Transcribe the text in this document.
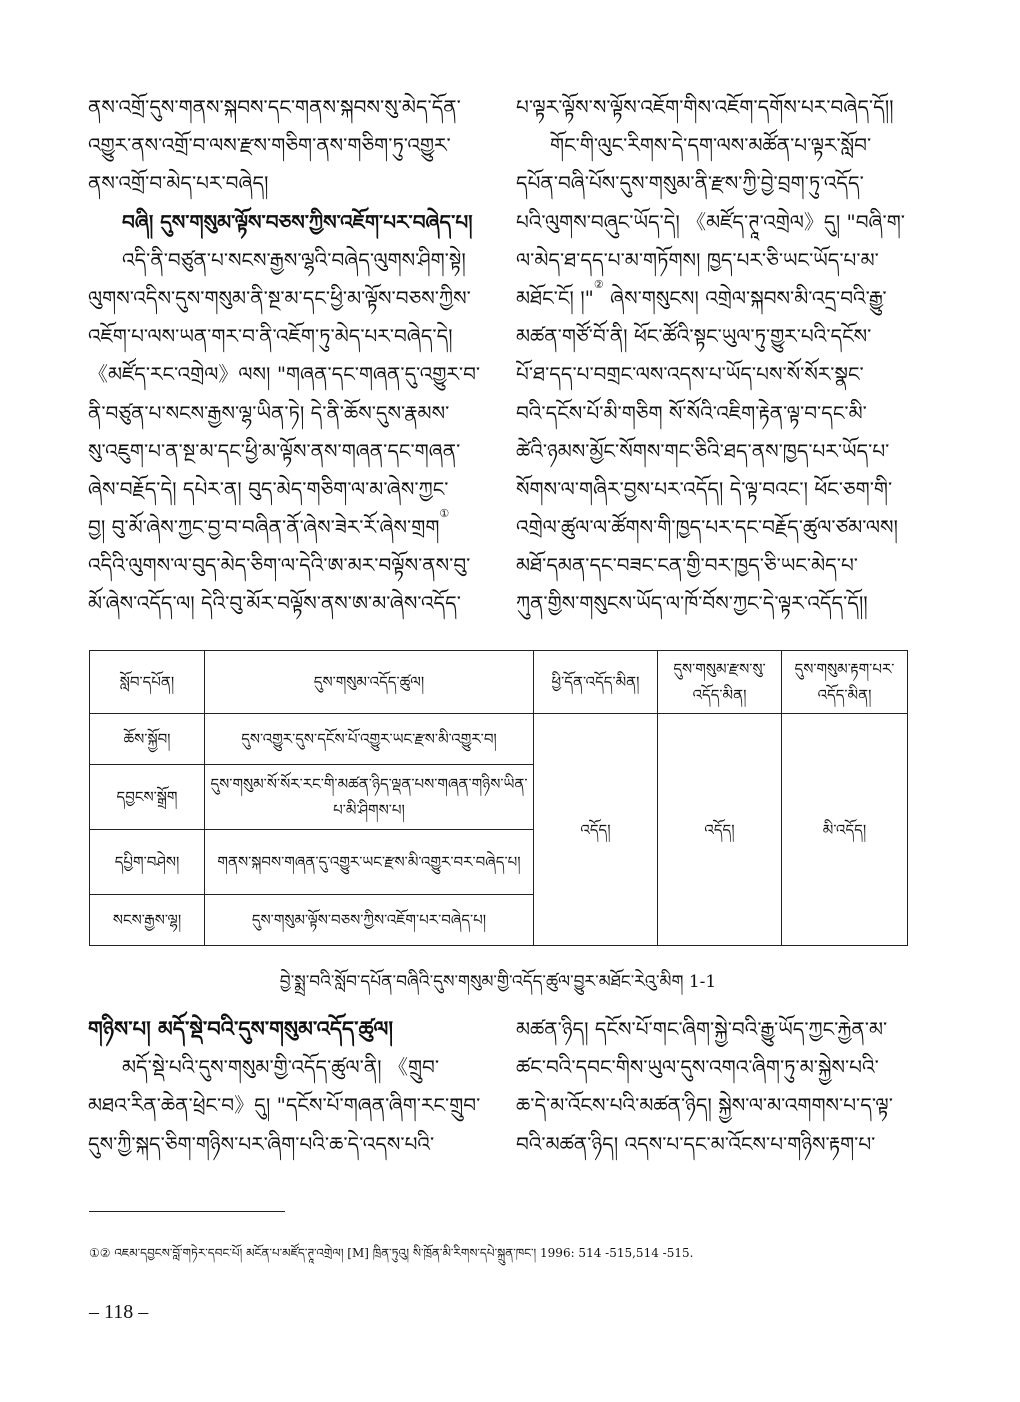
ནས་འགྲོ་དུས་གནས་སྐབས་དང་གནས་སྐབས་སུ་མེད་དོན་
འགྱུར་ནས་འགྲོ་བ་ལས་རྫས་གཅིག་ནས་གཅིག་ཏུ་འགྱུར་
ནས་འགྲོ་བ་མེད་པར་བཞེད།
བཞི། དུས་གསུམ་ལྟོས་བཅས་ཀྱིས་འཇོག་པར་བཞེད་པ།
འདི་ནི་བཙུན་པ་སངས་རྒྱས་ལྷའི་བཞེད་ལུགས་ཤིག་སྟེ།
ལུགས་འདིས་དུས་གསུམ་ནི་སྔ་མ་དང་ཕྱི་མ་ལྟོས་བཅས་ཀྱིས་
འཇོག་པ་ལས་ཡན་གར་བ་ནི་འཇོག་ཏུ་མེད་པར་བཞེད་དེ།
《མཛོད་རང་འགྲེལ》ལས། "གཞན་དང་གཞན་དུ་འགྱུར་བ་
ནི་བཙུན་པ་སངས་རྒྱས་ལྷ་ཡིན་ཏེ། དེ་ནི་ཆོས་དུས་རྣམས་
སུ་འཇུག་པ་ན་སྔ་མ་དང་ཕྱི་མ་ལྟོས་ནས་གཞན་དང་གཞན་
ཞེས་བརྗོད་དེ། དཔེར་ན། བུད་མེད་གཅིག་ལ་མ་ཞེས་ཀྱང་
བྱ། བུ་མོ་ཞེས་ཀྱང་བྱ་བ་བཞིན་ནོ་ཞེས་ཟེར་རོ་ཞེས་གྲག①
འདིའི་ལུགས་ལ་བུད་མེད་ཅིག་ལ་དེའི་ཨ་མར་བལྟོས་ནས་བུ་
མོ་ཞེས་འདོད་ལ། དེའི་བུ་མོར་བལྟོས་ནས་ཨ་མ་ཞེས་འདོད་
པ་ལྟར་ལྟོས་ས་ལྟོས་འཇོག་གིས་འཇོག་དགོས་པར་བཞེད་དོ།།
གོང་གི་ལུང་རིགས་དེ་དག་ལས་མཚོན་པ་ལྟར་སློབ་
དཔོན་བཞི་པོས་དུས་གསུམ་ནི་རྫས་ཀྱི་བྱེ་བྲག་ཏུ་འདོད་
པའི་ལུགས་བཞུང་ཡོད་དེ། 《མཛོད་ཊཱ་འགྲེལ》དུ། "བཞི་ག་
ལ་མེད་ཐ་དད་པ་མ་གཏོགས། ཁྱད་པར་ཅི་ཡང་ཡོད་པ་མ་
མཐོང་ངོ། །"② ཞེས་གསུངས། འགྲེལ་སྐབས་མི་འདྲ་བའི་རྒྱུ་
མཚན་གཙོ་བོ་ནི། ཕོང་ཚོའི་སྟང་ཡུལ་ཏུ་གྱུར་པའི་དངོས་
པོ་ཐ་དད་པ་བགྲང་ལས་འདས་པ་ཡོད་པས་སོ་སོར་སྣང་
བའི་དངོས་པོ་མི་གཅིག སོ་སོའི་འཇིག་རྟེན་ལྟ་བ་དང་མི་
ཚེའི་ཉམས་མྱོང་སོགས་གང་ཅིའི་ཐད་ནས་ཁྱད་པར་ཡོད་པ་
སོགས་ལ་གཞིར་བྱས་པར་འདོད། དེ་ལྟ་བའང་། ཕོང་ཅག་གི་
འགྲེལ་ཚུལ་ལ་ཚོགས་གི་ཁྱད་པར་དང་བརྗོད་ཚུལ་ཙམ་ལས།
མཐོ་དམན་དང་བཟང་ངན་གྱི་བར་ཁྱད་ཅི་ཡང་མེད་པ་
ཀུན་གྱིས་གསུངས་ཡོད་ལ་ཁོ་བོས་ཀྱང་དེ་ལྟར་འདོད་དོ།།
སློབ་དཔོན།	དུས་གསུམ་འདོད་ཚུལ།	ཕྱི་དོན་འདོད་མིན།	དུས་གསུམ་རྫས་སུ་འདོད་མིན།	དུས་གསུམ་རྟག་པར་འདོད་མིན།
ཆོས་སྐྱོབ།	དུས་འགྱུར་དུས་དངོས་པོ་འགྱུར་ཡང་རྫས་མི་འགྱུར་བ།	འདོད།	འདོད།	མི་འདོད།
དབྱངས་སྒྲོག	དུས་གསུམ་སོ་སོར་རང་གི་མཚན་ཉིད་ལྡན་པས་གཞན་གཉིས་ཡིན་པ་མི་ཤིགས་པ།			
དཔྱིག་བཤེས།	གནས་སྐབས་གཞན་དུ་འགྱུར་ཡང་རྫས་མི་འགྱུར་བར་བཞེད་པ།			
སངས་རྒྱས་ལྷ།	དུས་གསུམ་ལྟོས་བཅས་ཀྱིས་འཇོག་པར་བཞེད་པ།			
བྱེ་སྨྲ་བའི་སློབ་དཔོན་བཞིའི་དུས་གསུམ་གྱི་འདོད་ཚུལ་བྱུར་མཐོང་རེའུ་མིག 1-1
གཉིས་པ། མདོ་སྡེ་བའི་དུས་གསུམ་འདོད་ཚུལ།
མདོ་སྡེ་པའི་དུས་གསུམ་གྱི་འདོད་ཚུལ་ནི། 《གྲུབ་
མཐའ་རིན་ཆེན་ཕྲེང་བ》དུ། "དངོས་པོ་གཞན་ཞིག་རང་གྲུབ་
དུས་ཀྱི་སྐད་ཅིག་གཉིས་པར་ཞིག་པའི་ཆ་དེ་འདས་པའི་
མཚན་ཉིད། དངོས་པོ་གང་ཞིག་སྐྱེ་བའི་རྒྱུ་ཡོད་ཀྱང་རྐྱེན་མ་
ཚང་བའི་དབང་གིས་ཡུལ་དུས་འགའ་ཞིག་ཏུ་མ་སྐྱེས་པའི་
ཆ་དེ་མ་འོངས་པའི་མཚན་ཉིད། སྐྱེས་ལ་མ་འགགས་པ་ད་ལྟ་
བའི་མཚན་ཉིད། འདས་པ་དང་མ་འོངས་པ་གཉིས་རྟག་པ་
①② འཇམ་དབྱངས་བློ་གཏེར་དབང་པོ། མངོན་པ་མཛོད་ཊཱ་འགྲེལ། [M] ཁྲིན་ཏུའུ། སི་ཁྲོན་མི་རིགས་དཔེ་སྐྲུན་ཁང་། 1996: 514 -515,514 -515.
– 118 –
